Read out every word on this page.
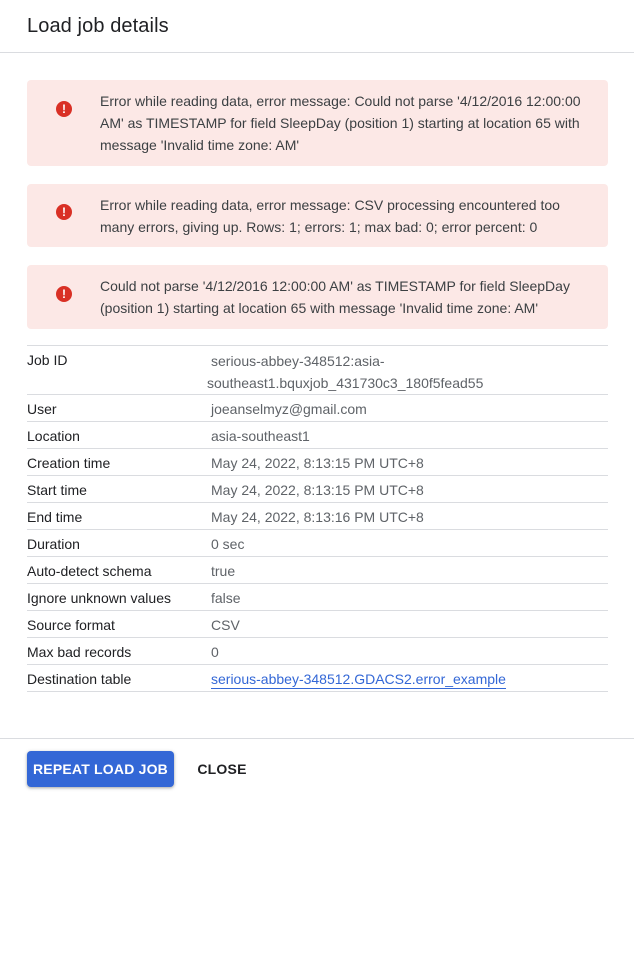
Load job details
!	Error while reading data, error message: Could not parse '4/12/2016 12:00:00 AM' as TIMESTAMP for field SleepDay (position 1) starting at location 65 with message 'Invalid time zone: AM'
!	Error while reading data, error message: CSV processing encountered too many errors, giving up. Rows: 1; errors: 1; max bad: 0; error percent: 0
!	Could not parse '4/12/2016 12:00:00 AM' as TIMESTAMP for field SleepDay (position 1) starting at location 65 with message 'Invalid time zone: AM'
Job ID	serious-abbey-348512:asia-
southeast1.bquxjob_431730c3_180f5fead55
User	joeanselmyz@gmail.com
Location	asia-southeast1
Creation time	May 24, 2022, 8:13:15 PM UTC+8
Start time	May 24, 2022, 8:13:15 PM UTC+8
End time	May 24, 2022, 8:13:16 PM UTC+8
Duration	0 sec
Auto-detect schema	true
Ignore unknown values	false
Source format	CSV
Max bad records	0
Destination table	serious-abbey-348512.GDACS2.error_example
REPEAT LOAD JOB	CLOSE
